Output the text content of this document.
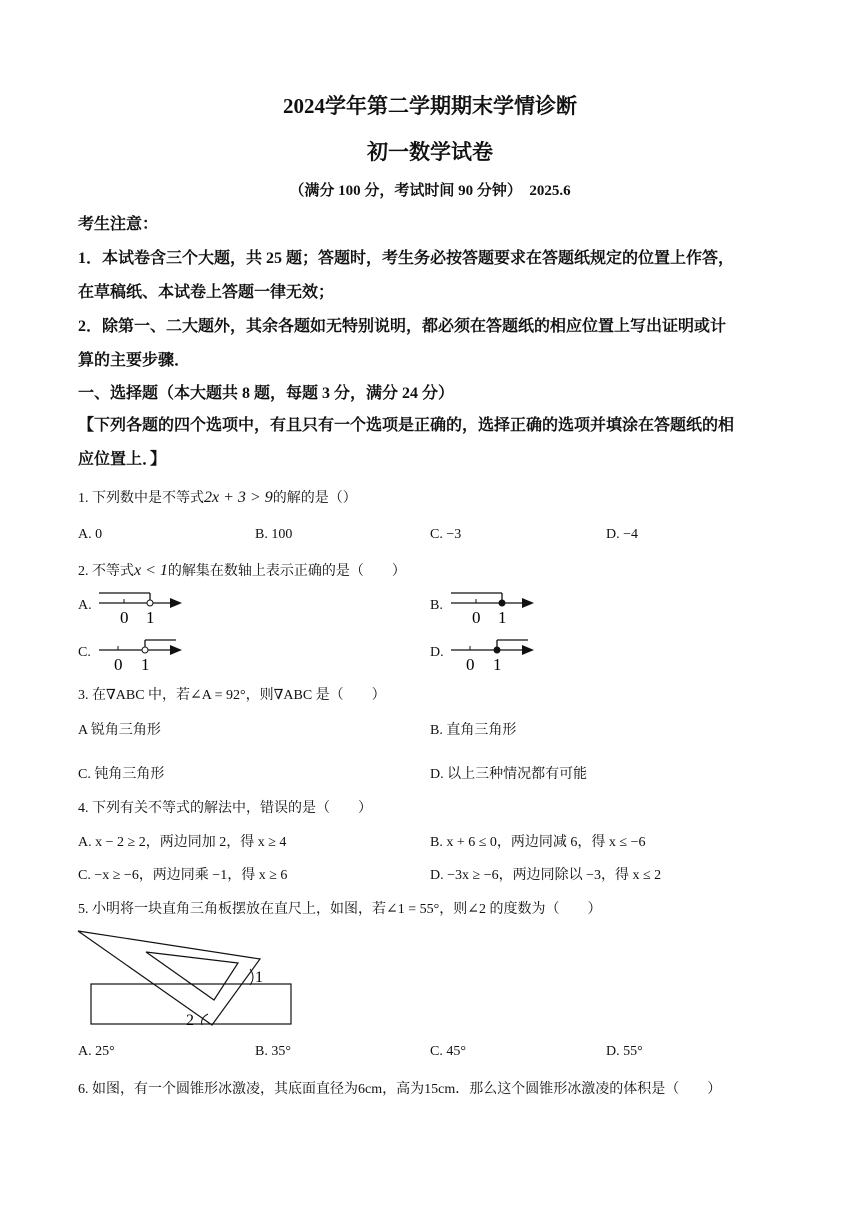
2024学年第二学期期末学情诊断
初一数学试卷
（满分 100 分，考试时间 90 分钟）　2025.6
考生注意：
1．本试卷含三个大题，共 25 题；答题时，考生务必按答题要求在答题纸规定的位置上作答，
在草稿纸、本试卷上答题一律无效；
2．除第一、二大题外，其余各题如无特别说明，都必须在答题纸的相应位置上写出证明或计
算的主要步骤．
一、选择题（本大题共 8 题，每题 3 分，满分 24 分）
【下列各题的四个选项中，有且只有一个选项是正确的，选择正确的选项并填涂在答题纸的相
应位置上．】
1. 下列数中是不等式2x + 3 > 9的解的是（）
A. 0	B. 100	C. −3	D. −4
2. 不等式x < 1的解集在数轴上表示正确的是（　　）
A.
0 1
B.
0 1
C.
0 1
D.
0 1
3. 在∇ABC 中，若∠A = 92°，则∇ABC 是（　　）
A 锐角三角形	B. 直角三角形
C. 钝角三角形	D. 以上三种情况都有可能
4. 下列有关不等式的解法中，错误的是（　　）
A. x − 2 ≥ 2，两边同加 2，得 x ≥ 4	B. x + 6 ≤ 0，两边同减 6，得 x ≤ −6
C. −x ≥ −6，两边同乘 −1，得 x ≥ 6	D. −3x ≥ −6，两边同除以 −3，得 x ≤ 2
5. 小明将一块直角三角板摆放在直尺上，如图，若∠1 = 55°，则∠2 的度数为（　　）
1
2
A. 25°	B. 35°	C. 45°	D. 55°
6. 如图，有一个圆锥形冰激凌，其底面直径为6cm，高为15cm．那么这个圆锥形冰激凌的体积是（　　）
